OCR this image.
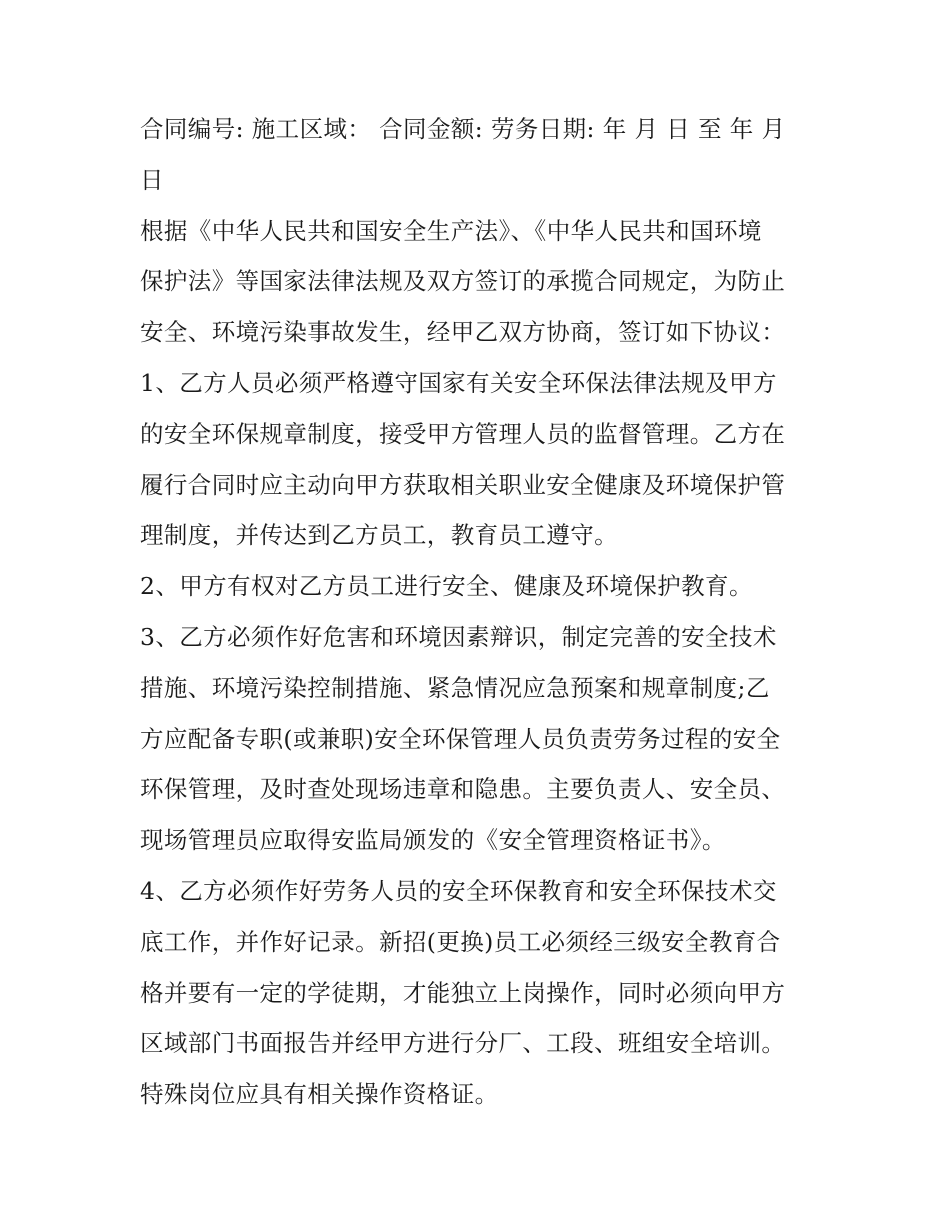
合同编号: 施工区域： 合同金额: 劳务日期: 年 月 日 至 年 月
日
根据《中华人民共和国安全生产法》、《中华人民共和国环境
保护法》等国家法律法规及双方签订的承揽合同规定，为防止
安全、环境污染事故发生，经甲乙双方协商，签订如下协议：
1、乙方人员必须严格遵守国家有关安全环保法律法规及甲方
的安全环保规章制度，接受甲方管理人员的监督管理。乙方在
履行合同时应主动向甲方获取相关职业安全健康及环境保护管
理制度，并传达到乙方员工，教育员工遵守。
2、甲方有权对乙方员工进行安全、健康及环境保护教育。
3、乙方必须作好危害和环境因素辩识，制定完善的安全技术
措施、环境污染控制措施、紧急情况应急预案和规章制度;乙
方应配备专职(或兼职)安全环保管理人员负责劳务过程的安全
环保管理，及时查处现场违章和隐患。主要负责人、安全员、
现场管理员应取得安监局颁发的《安全管理资格证书》。
4、乙方必须作好劳务人员的安全环保教育和安全环保技术交
底工作，并作好记录。新招(更换)员工必须经三级安全教育合
格并要有一定的学徒期，才能独立上岗操作，同时必须向甲方
区域部门书面报告并经甲方进行分厂、工段、班组安全培训。
特殊岗位应具有相关操作资格证。
